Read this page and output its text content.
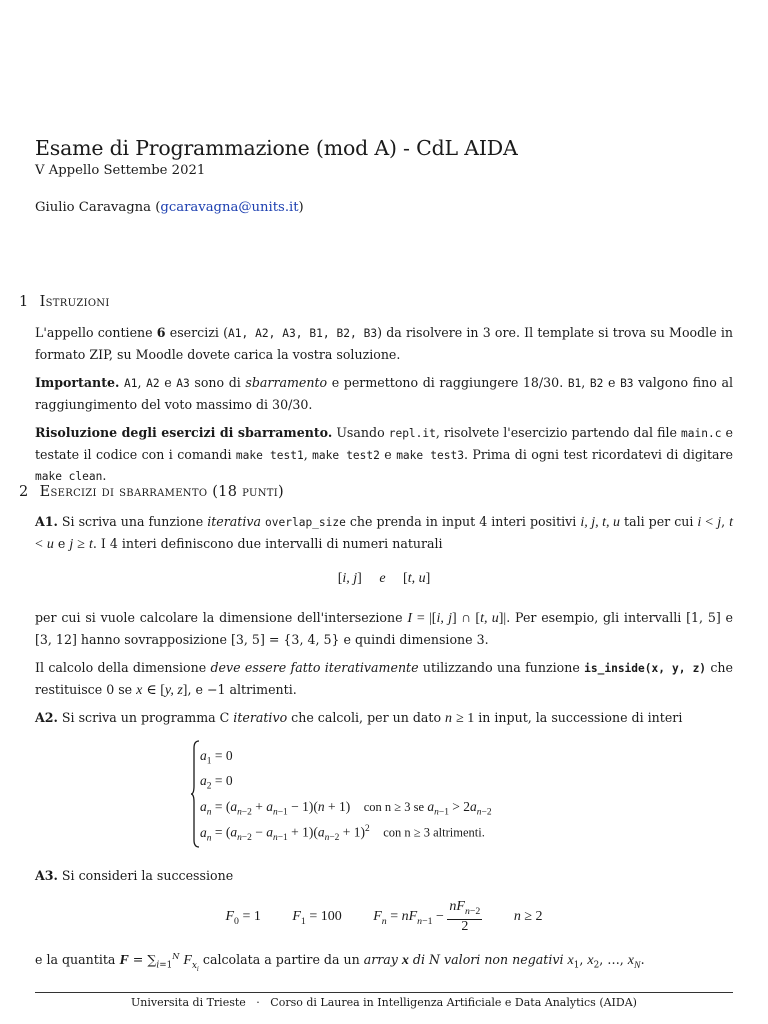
Esame di Programmazione (mod A) - CdL AIDA
V Appello Settembe 2021
Giulio Caravagna (gcaravagna@units.it)
1 Istruzioni
L'appello contiene 6 esercizi (A1, A2, A3, B1, B2, B3) da risolvere in 3 ore. Il template si trova su Moodle in formato ZIP, su Moodle dovete carica la vostra soluzione.
Importante. A1, A2 e A3 sono di sbarramento e permettono di raggiungere 18/30. B1, B2 e B3 valgono fino al raggiungimento del voto massimo di 30/30.
Risoluzione degli esercizi di sbarramento. Usando repl.it, risolvete l'esercizio partendo dal file main.c e testate il codice con i comandi make test1, make test2 e make test3. Prima di ogni test ricordatevi di digitare make clean.
2 Esercizi di sbarramento (18 punti)
A1. Si scriva una funzione iterativa overlap_size che prenda in input 4 interi positivi i, j, t, u tali per cui i < j, t < u e j ≥ t. I 4 interi definiscono due intervalli di numeri naturali
[i, j] e [t, u]
per cui si vuole calcolare la dimensione dell'intersezione I = |[i, j] ∩ [t, u]|. Per esempio, gli intervalli [1, 5] e [3, 12] hanno sovrapposizione [3, 5] = {3, 4, 5} e quindi dimensione 3.
Il calcolo della dimensione deve essere fatto iterativamente utilizzando una funzione is_inside(x, y, z) che restituisce 0 se x ∈ [y, z], e −1 altrimenti.
A2. Si scriva un programma C iterativo che calcoli, per un dato n ≥ 1 in input, la successione di interi
$a_1 = 0$
$a_2 = 0$
$a_n = (a_{n-2} + a_{n-1} - 1)(n + 1)$    con n ≥ 3 se $a_{n-1} > 2a_{n-2}$
$a_n = (a_{n-2} - a_{n-1} + 1)(a_{n-2} + 1)^2$ con n ≥ 3 altrimenti.
A3. Si consideri la successione
$F_0 = 1$         $F_1 = 100$         $F_n = nF_{n-1}$ −
$nF_{n-2}$
2
n ≥ 2
e la quantita $F = \sum_{i=1}^N$ $F_{x_i}$ calcolata a partire da un array x di N valori non negativi $x_1$, $x_2$, …, $x_N$.
Universita di Trieste · Corso di Laurea in Intelligenza Artificiale e Data Analytics (AIDA)
